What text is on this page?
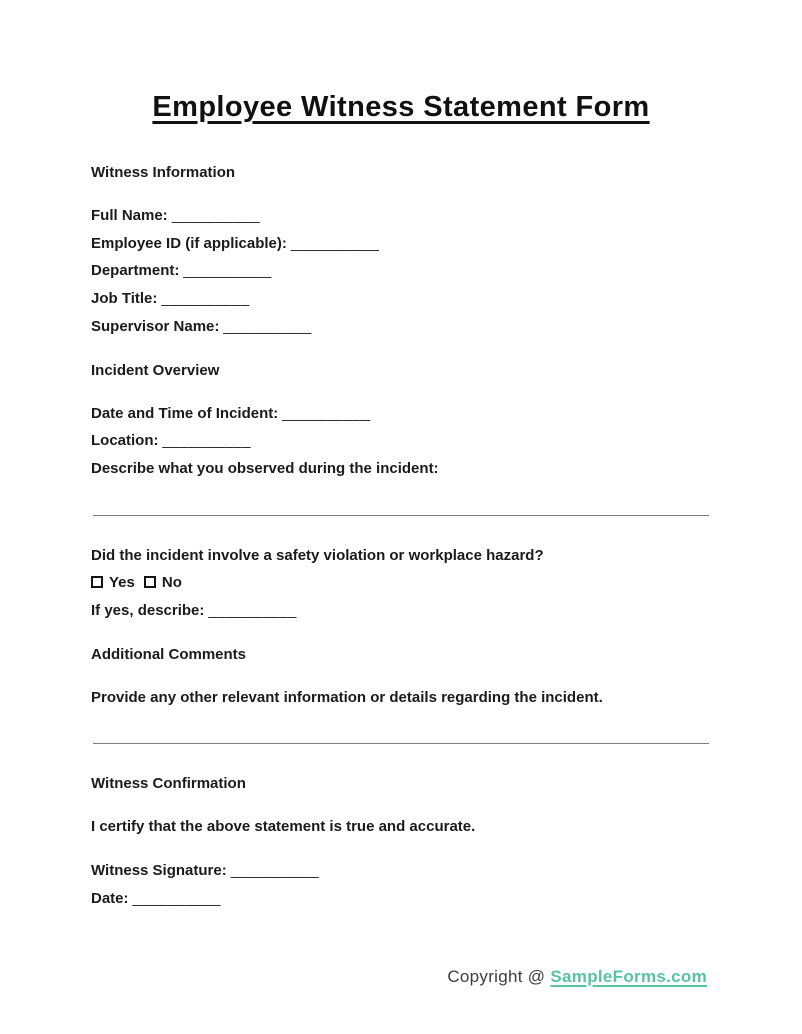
Employee Witness Statement Form
Witness Information
Full Name: __________
Employee ID (if applicable): __________
Department: __________
Job Title: __________
Supervisor Name: __________
Incident Overview
Date and Time of Incident: __________
Location: __________
Describe what you observed during the incident:
Did the incident involve a safety violation or workplace hazard?
Yes No
If yes, describe: __________
Additional Comments
Provide any other relevant information or details regarding the incident.
Witness Confirmation
I certify that the above statement is true and accurate.
Witness Signature: __________
Date: __________
Copyright @ SampleForms.com
